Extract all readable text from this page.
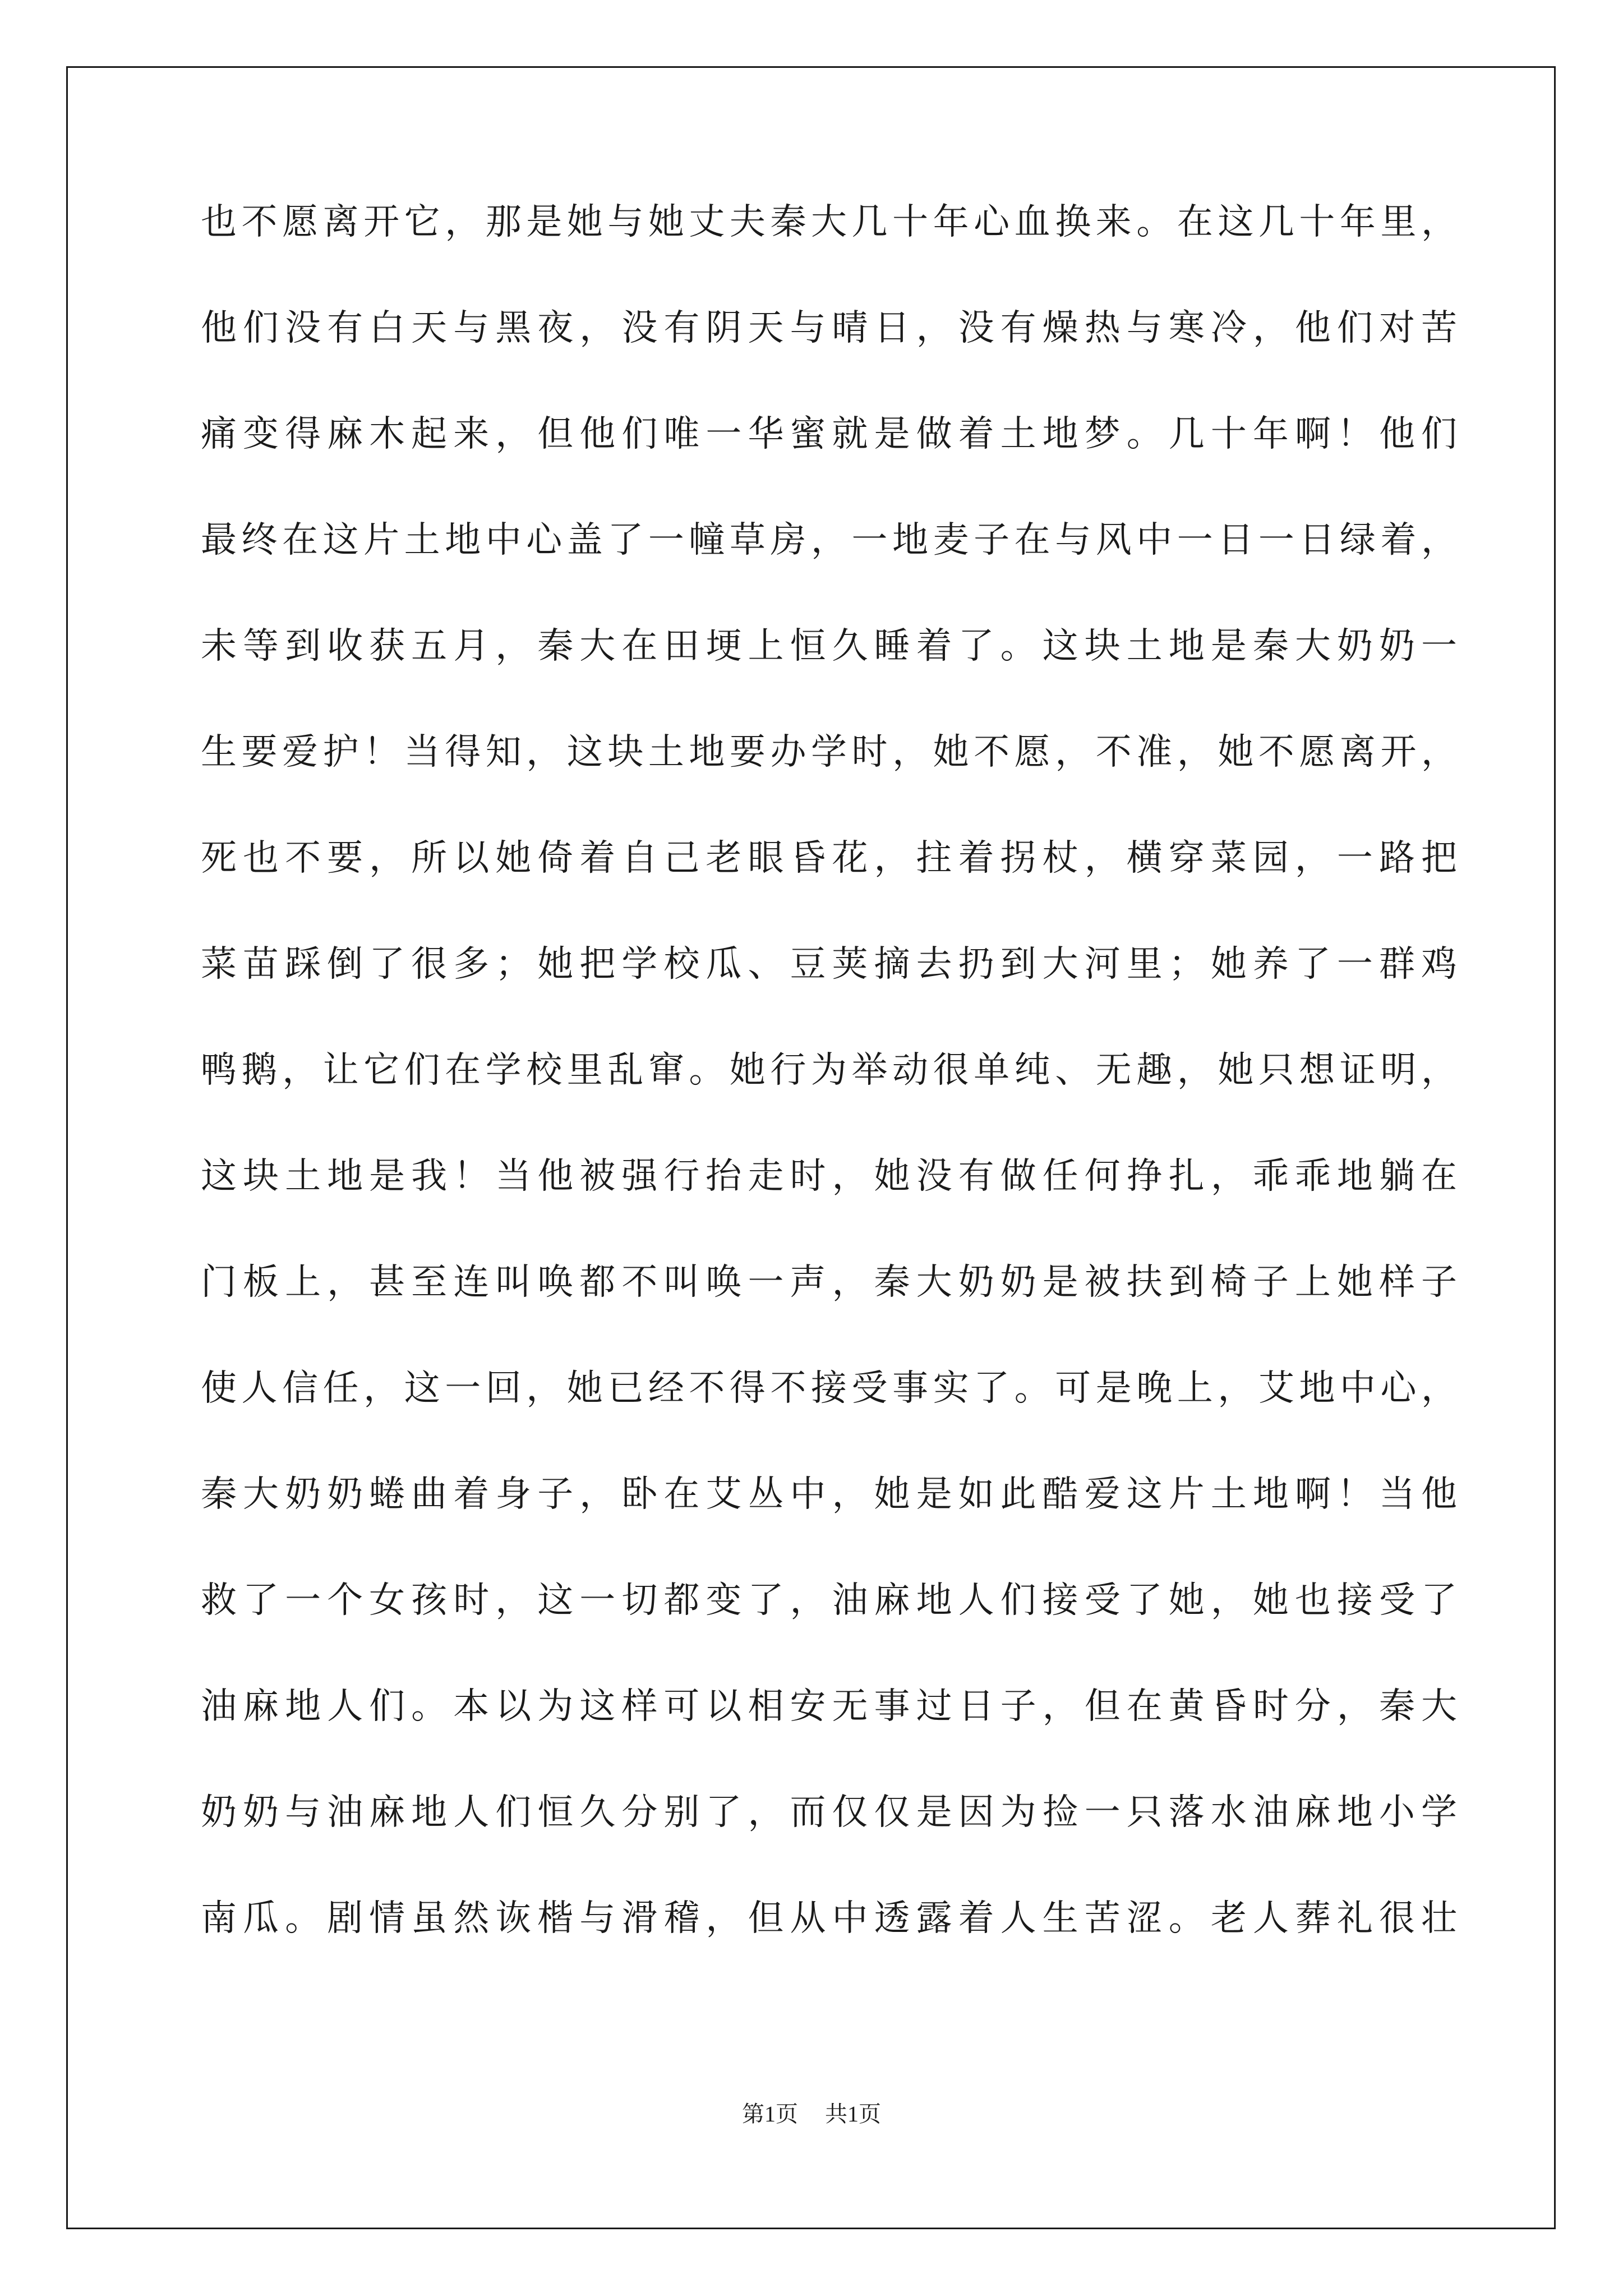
也不愿离开它，那是她与她丈夫秦大几十年心血换来。在这几十年里，
他们没有白天与黑夜，没有阴天与晴日，没有燥热与寒冷，他们对苦
痛变得麻木起来，但他们唯一华蜜就是做着土地梦。几十年啊！他们
最终在这片土地中心盖了一幢草房，一地麦子在与风中一日一日绿着，
未等到收获五月，秦大在田埂上恒久睡着了。这块土地是秦大奶奶一
生要爱护！当得知，这块土地要办学时，她不愿，不准，她不愿离开，
死也不要，所以她倚着自己老眼昏花，拄着拐杖，横穿菜园，一路把
菜苗踩倒了很多；她把学校瓜、豆荚摘去扔到大河里；她养了一群鸡
鸭鹅，让它们在学校里乱窜。她行为举动很单纯、无趣，她只想证明，
这块土地是我！当他被强行抬走时，她没有做任何挣扎，乖乖地躺在
门板上，甚至连叫唤都不叫唤一声，秦大奶奶是被扶到椅子上她样子
使人信任，这一回，她已经不得不接受事实了。可是晚上，艾地中心，
秦大奶奶蜷曲着身子，卧在艾丛中，她是如此酷爱这片土地啊！当他
救了一个女孩时，这一切都变了，油麻地人们接受了她，她也接受了
油麻地人们。本以为这样可以相安无事过日子，但在黄昏时分，秦大
奶奶与油麻地人们恒久分别了，而仅仅是因为捡一只落水油麻地小学
南瓜。剧情虽然诙楷与滑稽，但从中透露着人生苦涩。老人葬礼很壮
第1页 共1页
